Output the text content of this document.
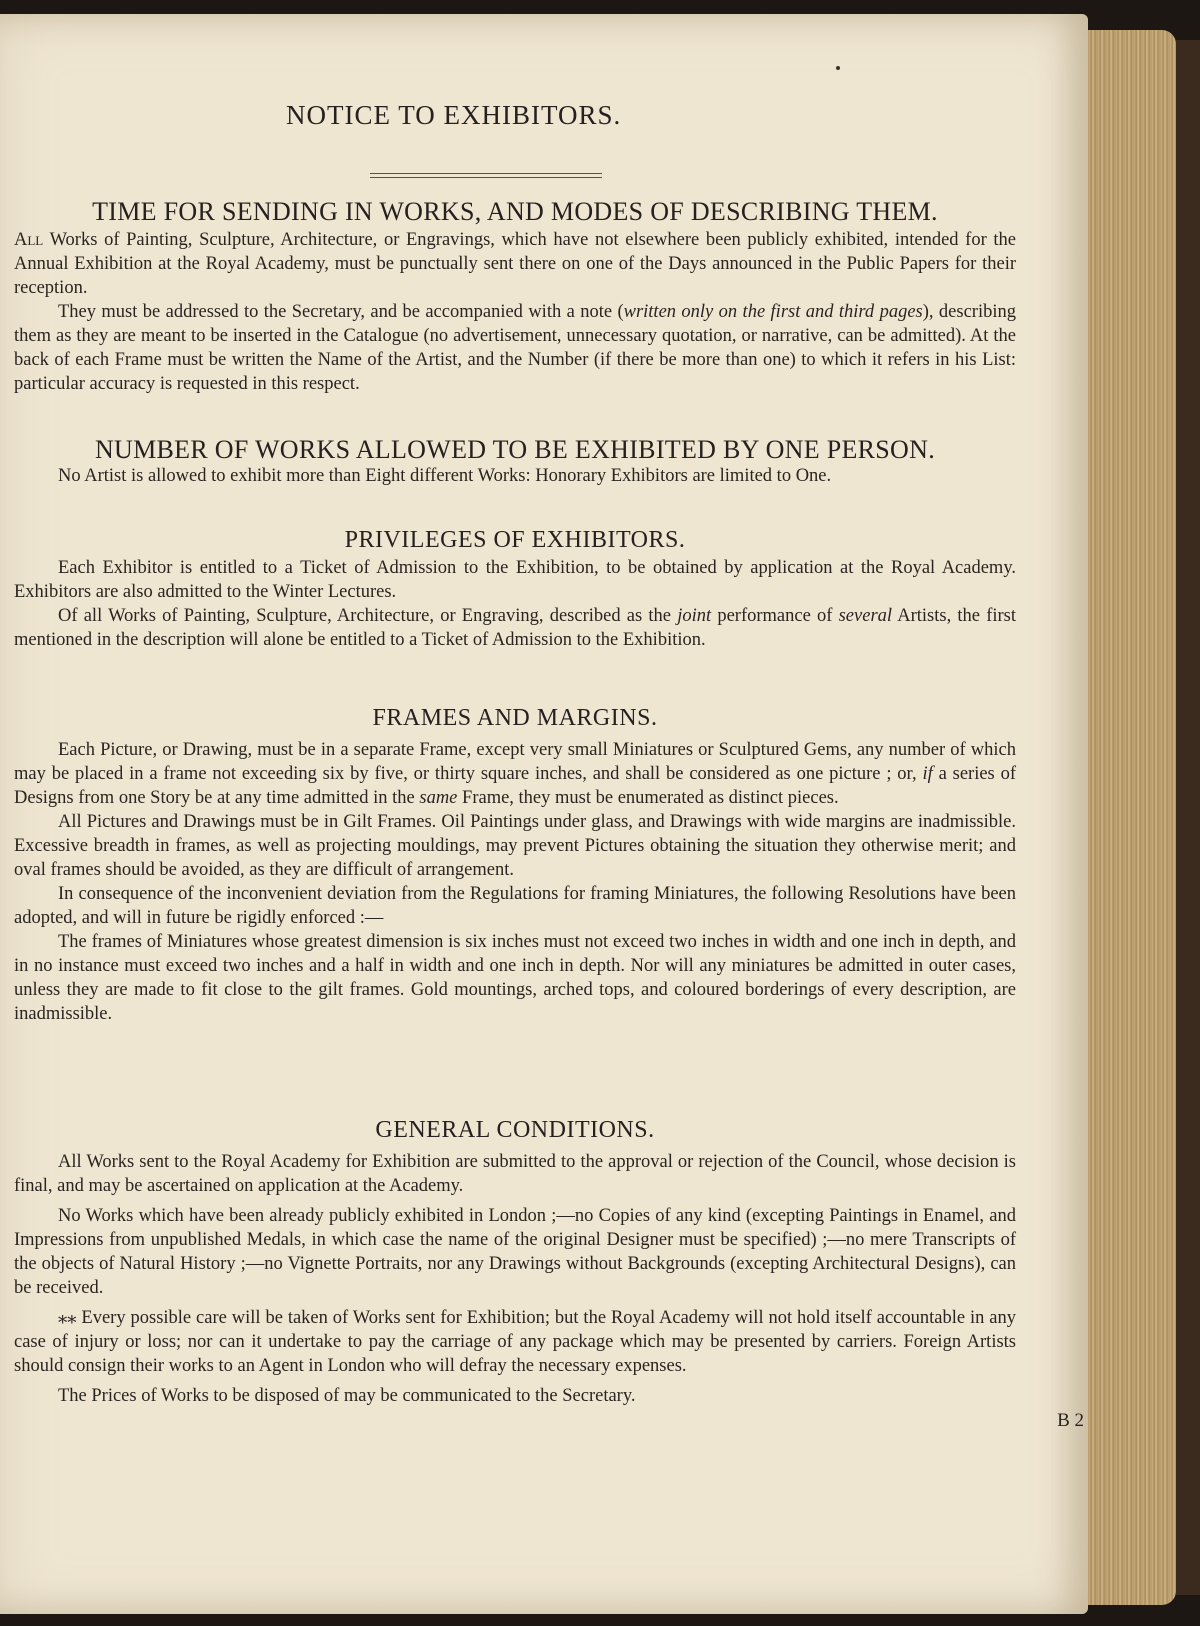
NOTICE TO EXHIBITORS.
TIME FOR SENDING IN WORKS, AND MODES OF DESCRIBING THEM.

All Works of Painting, Sculpture, Architecture, or Engravings, which have not elsewhere been publicly exhibited, intended for the Annual Exhibition at the Royal Academy, must be punctually sent there on one of the Days announced in the Public Papers for their reception.

They must be addressed to the Secretary, and be accompanied with a note (written only on the first and third pages), describing them as they are meant to be inserted in the Catalogue (no advertisement, unnecessary quotation, or narrative, can be admitted). At the back of each Frame must be written the Name of the Artist, and the Number (if there be more than one) to which it refers in his List: particular accuracy is requested in this respect.

NUMBER OF WORKS ALLOWED TO BE EXHIBITED BY ONE PERSON.

No Artist is allowed to exhibit more than Eight different Works: Honorary Exhibitors are limited to One.

PRIVILEGES OF EXHIBITORS.

Each Exhibitor is entitled to a Ticket of Admission to the Exhibition, to be obtained by application at the Royal Academy. Exhibitors are also admitted to the Winter Lectures.

Of all Works of Painting, Sculpture, Architecture, or Engraving, described as the joint performance of several Artists, the first mentioned in the description will alone be entitled to a Ticket of Admission to the Exhibition.

FRAMES AND MARGINS.

Each Picture, or Drawing, must be in a separate Frame, except very small Miniatures or Sculptured Gems, any number of which may be placed in a frame not exceeding six by five, or thirty square inches, and shall be considered as one picture ; or, if a series of Designs from one Story be at any time admitted in the same Frame, they must be enumerated as distinct pieces.

All Pictures and Drawings must be in Gilt Frames. Oil Paintings under glass, and Drawings with wide margins are inadmissible. Excessive breadth in frames, as well as projecting mouldings, may prevent Pictures obtaining the situation they otherwise merit; and oval frames should be avoided, as they are difficult of arrangement.

In consequence of the inconvenient deviation from the Regulations for framing Miniatures, the following Resolutions have been adopted, and will in future be rigidly enforced :—

The frames of Miniatures whose greatest dimension is six inches must not exceed two inches in width and one inch in depth, and in no instance must exceed two inches and a half in width and one inch in depth. Nor will any miniatures be admitted in outer cases, unless they are made to fit close to the gilt frames. Gold mountings, arched tops, and coloured borderings of every description, are inadmissible.

GENERAL CONDITIONS.

All Works sent to the Royal Academy for Exhibition are submitted to the approval or rejection of the Council, whose decision is final, and may be ascertained on application at the Academy.

No Works which have been already publicly exhibited in London ;—no Copies of any kind (excepting Paintings in Enamel, and Impressions from unpublished Medals, in which case the name of the original Designer must be specified) ;—no mere Transcripts of the objects of Natural History ;—no Vignette Portraits, nor any Drawings without Backgrounds (excepting Architectural Designs), can be received.

⁎⁎ Every possible care will be taken of Works sent for Exhibition; but the Royal Academy will not hold itself accountable in any case of injury or loss; nor can it undertake to pay the carriage of any package which may be presented by carriers. Foreign Artists should consign their works to an Agent in London who will defray the necessary expenses.

The Prices of Works to be disposed of may be communicated to the Secretary.

B 2
